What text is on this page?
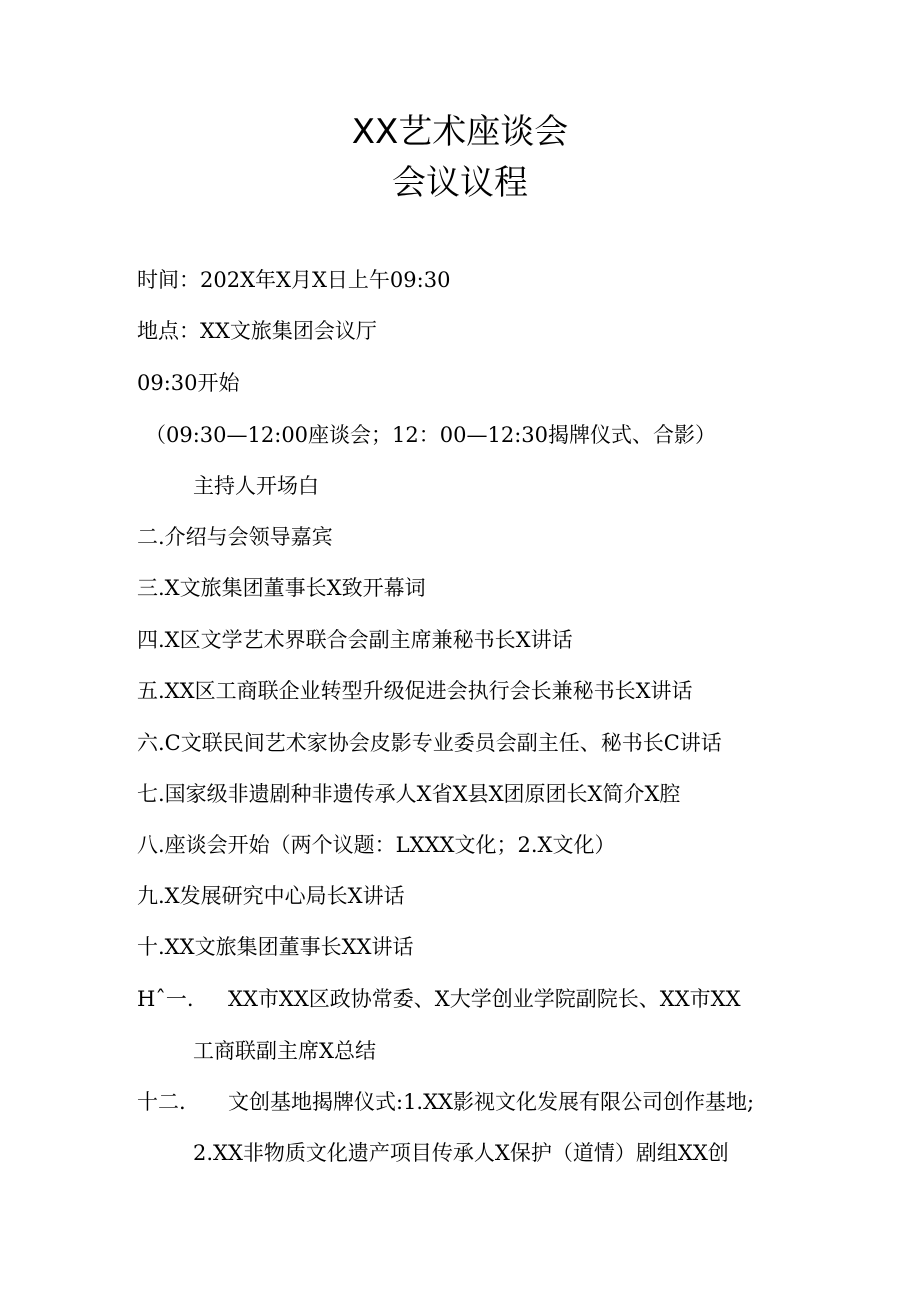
XX艺术座谈会
会议议程
时间：202X年X月X日上午09:30
地点：XX文旅集团会议厅
09:30开始
（09:30—12:00座谈会；12：00—12:30揭牌仪式、合影）
主持人开场白
二.介绍与会领导嘉宾
三.X文旅集团董事长X致开幕词
四.X区文学艺术界联合会副主席兼秘书长X讲话
五.XX区工商联企业转型升级促进会执行会长兼秘书长X讲话
六.C文联民间艺术家协会皮影专业委员会副主任、秘书长C讲话
七.国家级非遗剧种非遗传承人X省X县X团原团长X简介X腔
八.座谈会开始（两个议题：LXXX文化；2.X文化）
九.X发展研究中心局长X讲话
十.XX文旅集团董事长XX讲话
Hˆ一. XX市XX区政协常委、X大学创业学院副院长、XX市XX
工商联副主席X总结
十二. 文创基地揭牌仪式:1.XX影视文化发展有限公司创作基地;
2.XX非物质文化遗产项目传承人X保护（道情）剧组XX创
